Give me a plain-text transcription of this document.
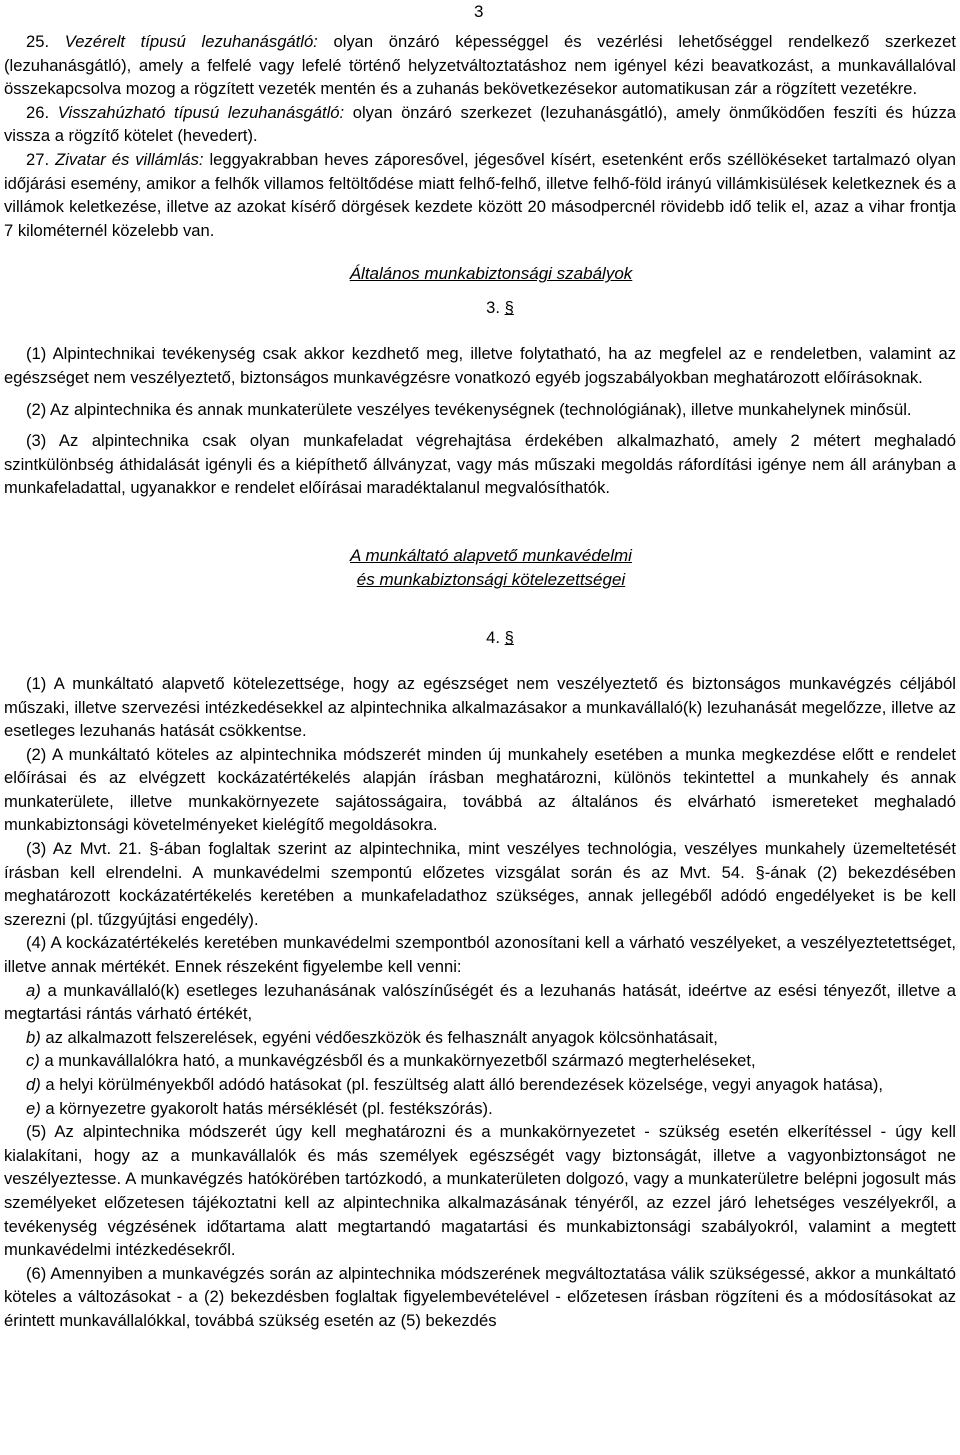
3

25. Vezérelt típusú lezuhanásgátló: olyan önzáró képességgel és vezérlési lehetőséggel rendelkező szerkezet (lezuhanásgátló), amely a felfelé vagy lefelé történő helyzetváltoztatáshoz nem igényel kézi beavatkozást, a munkavállalóval összekapcsolva mozog a rögzített vezeték mentén és a zuhanás bekövetkezésekor automatikusan zár a rögzített vezetékre.

26. Visszahúzható típusú lezuhanásgátló: olyan önzáró szerkezet (lezuhanásgátló), amely önműködően feszíti és húzza vissza a rögzítő kötelet (hevedert).

27. Zivatar és villámlás: leggyakrabban heves záporesővel, jégesővel kísért, esetenként erős széllökéseket tartalmazó olyan időjárási esemény, amikor a felhők villamos feltöltődése miatt felhő-felhő, illetve felhő-föld irányú villámkisülések keletkeznek és a villámok keletkezése, illetve az azokat kísérő dörgések kezdete között 20 másodpercnél rövidebb idő telik el, azaz a vihar frontja 7 kilométernél közelebb van.

Általános munkabiztonsági szabályok
3. §

(1) Alpintechnikai tevékenység csak akkor kezdhető meg, illetve folytatható, ha az megfelel az e rendeletben, valamint az egészséget nem veszélyeztető, biztonságos munkavégzésre vonatkozó egyéb jogszabályokban meghatározott előírásoknak.

(2) Az alpintechnika és annak munkaterülete veszélyes tevékenységnek (technológiának), illetve munkahelynek minősül.

(3) Az alpintechnika csak olyan munkafeladat végrehajtása érdekében alkalmazható, amely 2 métert meghaladó szintkülönbség áthidalását igényli és a kiépíthető állványzat, vagy más műszaki megoldás ráfordítási igénye nem áll arányban a munkafeladattal, ugyanakkor e rendelet előírásai maradéktalanul megvalósíthatók.

A munkáltató alapvető munkavédelmi
és munkabiztonsági kötelezettségei
4. §

(1) A munkáltató alapvető kötelezettsége, hogy az egészséget nem veszélyeztető és biztonságos munkavégzés céljából műszaki, illetve szervezési intézkedésekkel az alpintechnika alkalmazásakor a munkavállaló(k) lezuhanását megelőzze, illetve az esetleges lezuhanás hatását csökkentse.

(2) A munkáltató köteles az alpintechnika módszerét minden új munkahely esetében a munka megkezdése előtt e rendelet előírásai és az elvégzett kockázatértékelés alapján írásban meghatározni, különös tekintettel a munkahely és annak munkaterülete, illetve munkakörnyezete sajátosságaira, továbbá az általános és elvárható ismereteket meghaladó munkabiztonsági követelményeket kielégítő megoldásokra.

(3) Az Mvt. 21. §-ában foglaltak szerint az alpintechnika, mint veszélyes technológia, veszélyes munkahely üzemeltetését írásban kell elrendelni. A munkavédelmi szempontú előzetes vizsgálat során és az Mvt. 54. §-ának (2) bekezdésében meghatározott kockázatértékelés keretében a munkafeladathoz szükséges, annak jellegéből adódó engedélyeket is be kell szerezni (pl. tűzgyújtási engedély).

(4) A kockázatértékelés keretében munkavédelmi szempontból azonosítani kell a várható veszélyeket, a veszélyeztetettséget, illetve annak mértékét. Ennek részeként figyelembe kell venni:

a) a munkavállaló(k) esetleges lezuhanásának valószínűségét és a lezuhanás hatását, ideértve az esési tényezőt, illetve a megtartási rántás várható értékét,

b) az alkalmazott felszerelések, egyéni védőeszközök és felhasznált anyagok kölcsönhatásait,

c) a munkavállalókra ható, a munkavégzésből és a munkakörnyezetből származó megterheléseket,

d) a helyi körülményekből adódó hatásokat (pl. feszültség alatt álló berendezések közelsége, vegyi anyagok hatása),

e) a környezetre gyakorolt hatás mérséklését (pl. festékszórás).

(5) Az alpintechnika módszerét úgy kell meghatározni és a munkakörnyezetet - szükség esetén elkerítéssel - úgy kell kialakítani, hogy az a munkavállalók és más személyek egészségét vagy biztonságát, illetve a vagyonbiztonságot ne veszélyeztesse. A munkavégzés hatókörében tartózkodó, a munkaterületen dolgozó, vagy a munkaterületre belépni jogosult más személyeket előzetesen tájékoztatni kell az alpintechnika alkalmazásának tényéről, az ezzel járó lehetséges veszélyekről, a tevékenység végzésének időtartama alatt megtartandó magatartási és munkabiztonsági szabályokról, valamint a megtett munkavédelmi intézkedésekről.

(6) Amennyiben a munkavégzés során az alpintechnika módszerének megváltoztatása válik szükségessé, akkor a munkáltató köteles a változásokat - a (2) bekezdésben foglaltak figyelembevételével - előzetesen írásban rögzíteni és a módosításokat az érintett munkavállalókkal, továbbá szükség esetén az (5) bekezdés
